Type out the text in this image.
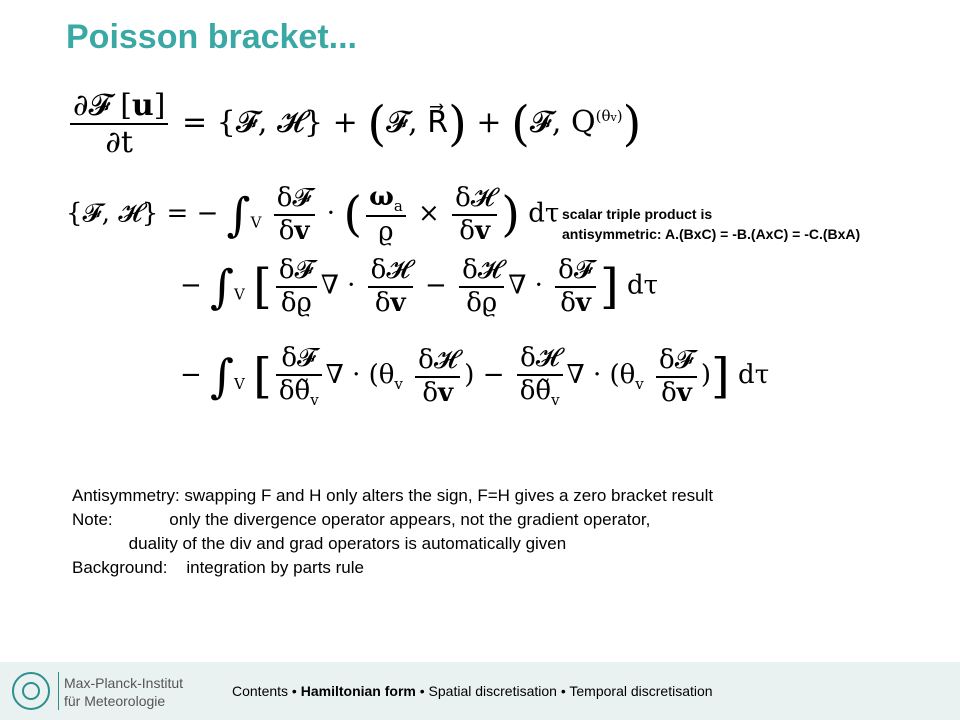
Poisson bracket...
$\frac{\text{∂𝓕 [u]}}{\partial t}$ = {𝓕, 𝓗} + (𝓕, R⃗) + (𝓕, $Q^{(\theta v)}$)
{𝓕, 𝓗} = − $\int_V \frac{\text{δ𝓕}}{\delta v}$ · ( $\frac{\omega_a}{ϱ} \times \frac{\text{δ𝓗}}{\delta v}$ ) dτ
− $\int_V$ [ $\frac{\text{δ𝓕}}{\delta ϱ}$ ∇ · $\frac{\text{δ𝓗}}{\delta v} - \frac{\text{δ𝓗}}{\delta ϱ}$ ∇ · $\frac{\text{δ𝓕}}{\delta v}$ ] dτ
− $\int_V$ [ $\frac{\text{δ𝓕}}{\delta\thetã_v}$ ∇ · ($\theta_v \frac{\text{δ𝓗}}{\delta v}$ ) − $\frac{\text{δ𝓗}}{\delta\thetã_v}$ ∇ · ($\theta_v \frac{\text{δ𝓕}}{\delta v}$ )] dτ
scalar triple product is
antisymmetric: A.(BxC) = -B.(AxC) = -C.(BxA)
Antisymmetry: swapping F and H only alters the sign, F=H gives a zero bracket result
Note:            only the divergence operator appears, not the gradient operator,
duality of the div and grad operators is automatically given
Background:    integration by parts rule
Max-Planck-Institut
für Meteorologie
Contents • Hamiltonian form • Spatial discretisation • Temporal discretisation
